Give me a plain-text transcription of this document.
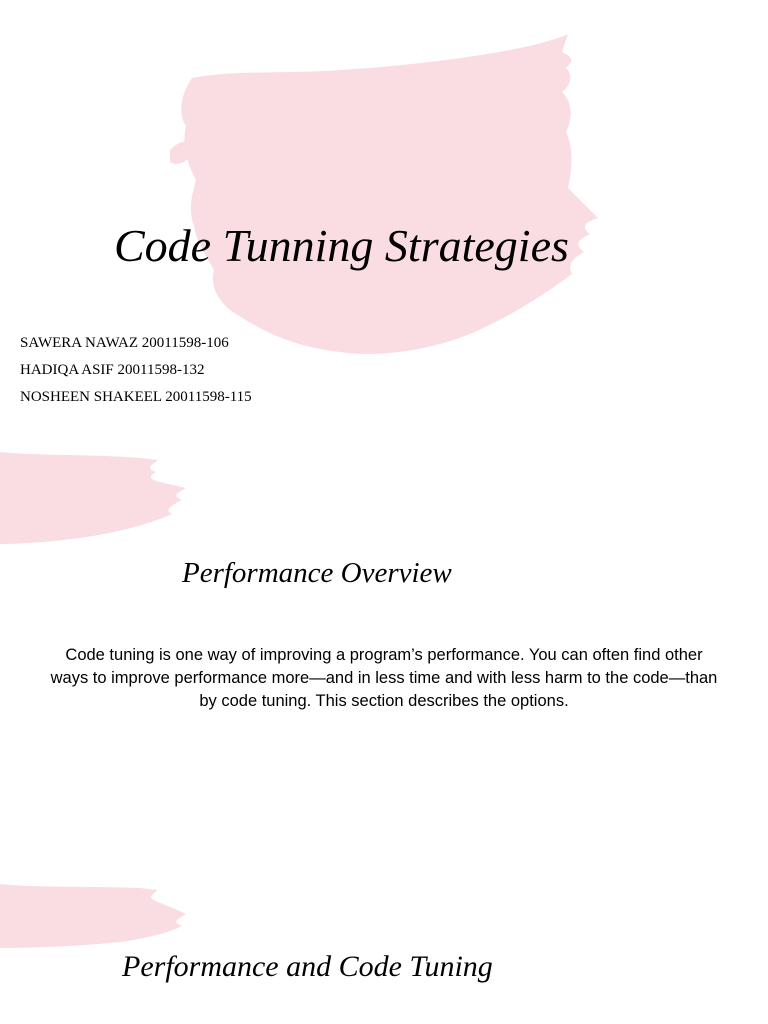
Code Tunning Strategies
SAWERA NAWAZ 20011598-106
HADIQA ASIF 20011598-132
NOSHEEN SHAKEEL 20011598-115
Performance Overview

Code tuning is one way of improving a program’s performance. You can often find other ways to improve performance more—and in less time and with less harm to the code—than by code tuning. This section describes the options.

Performance and Code Tuning
